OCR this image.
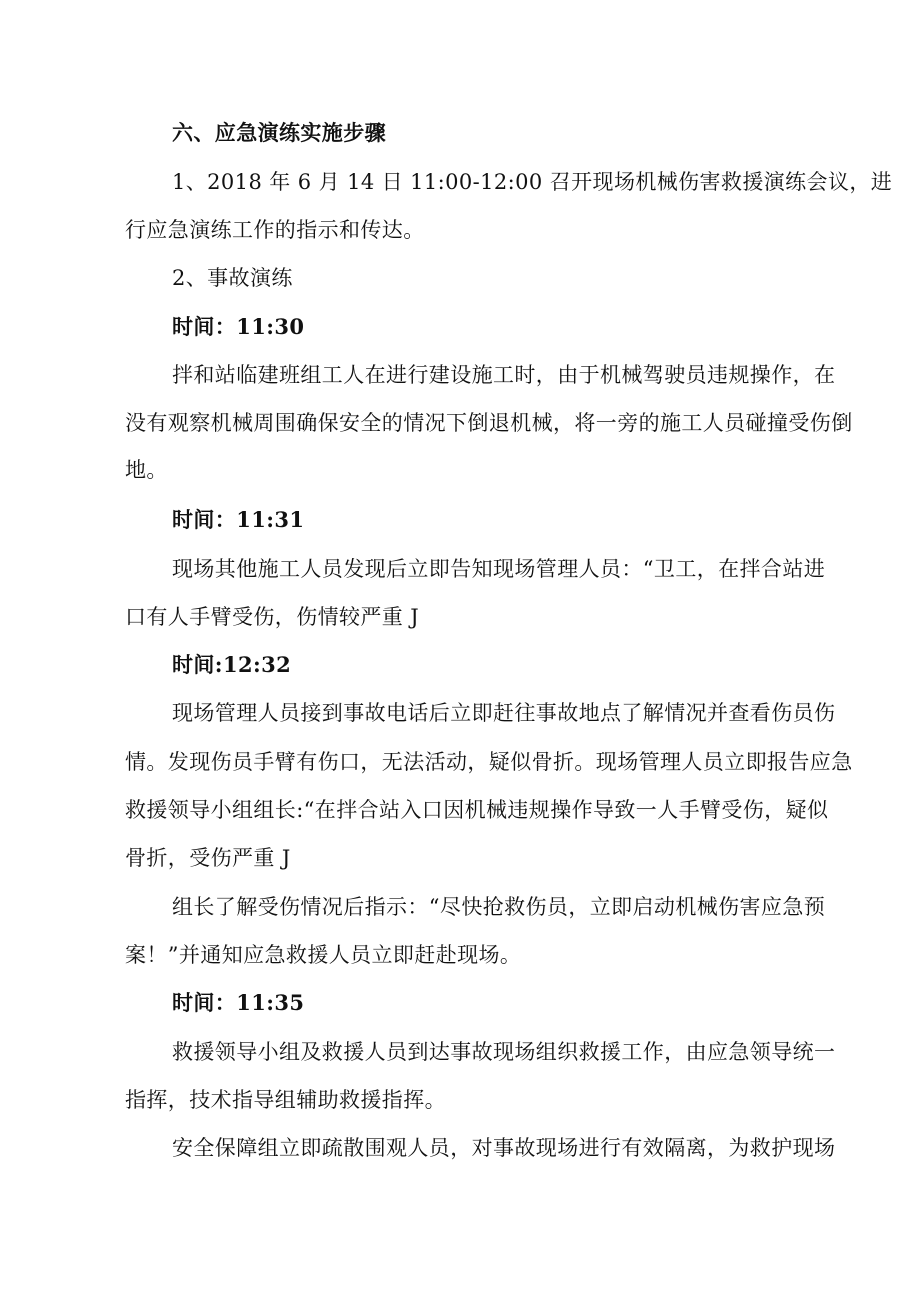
六、应急演练实施步骤
1、2018 年 6 月 14 日 11:00-12:00 召开现场机械伤害救援演练会议，进
行应急演练工作的指示和传达。
2、事故演练
时间：11:30
拌和站临建班组工人在进行建设施工时，由于机械驾驶员违规操作，在
没有观察机械周围确保安全的情况下倒退机械，将一旁的施工人员碰撞受伤倒
地。
时间：11:31
现场其他施工人员发现后立即告知现场管理人员：“卫工，在拌合站进
口有人手臂受伤，伤情较严重 J
时间:12:32
现场管理人员接到事故电话后立即赶往事故地点了解情况并查看伤员伤
情。发现伤员手臂有伤口，无法活动，疑似骨折。现场管理人员立即报告应急
救援领导小组组长:“在拌合站入口因机械违规操作导致一人手臂受伤，疑似
骨折，受伤严重 J
组长了解受伤情况后指示：“尽快抢救伤员，立即启动机械伤害应急预
案！”并通知应急救援人员立即赶赴现场。
时间：11:35
救援领导小组及救援人员到达事故现场组织救援工作，由应急领导统一
指挥，技术指导组辅助救援指挥。
安全保障组立即疏散围观人员，对事故现场进行有效隔离，为救护现场
